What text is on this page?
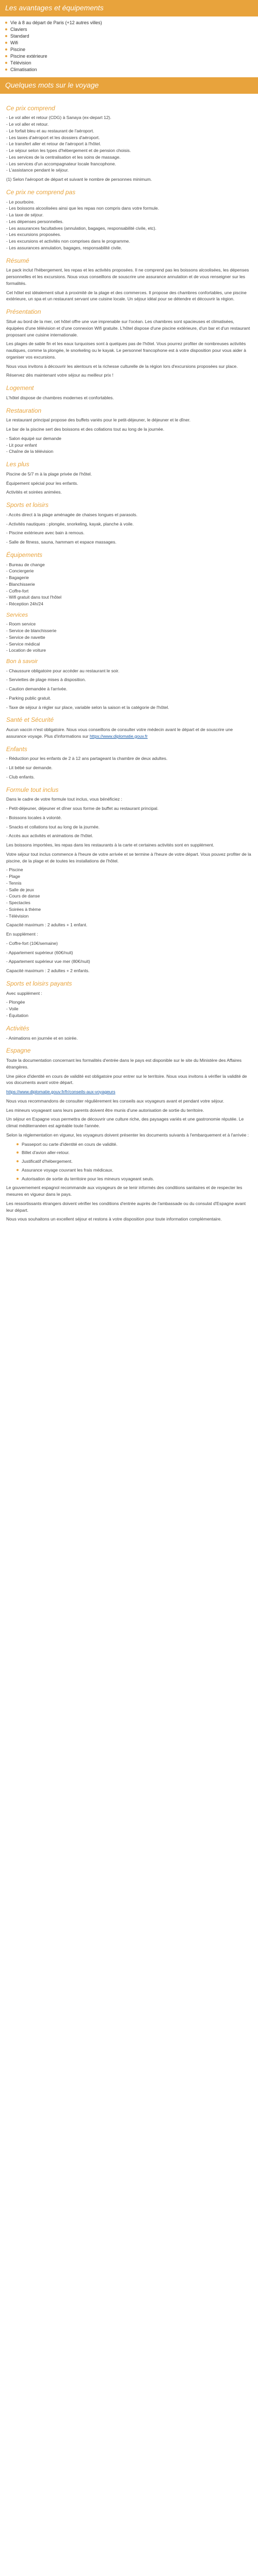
Les avantages et équipements
Vie à 8 au départ de Paris (+12 autres villes)
Claviers
Standard
Wifi
Piscine
Piscine extérieure
Télévision
Climatisation
Quelques mots sur le voyage
Ce prix comprend
- Le vol aller et retour (CDG) à Sanaya (ex-depart 12).
- Le vol aller et retour.
- Le forfait bleu et au restaurant de l'aéroport.
- Les taxes d'aéroport et les dossiers d'aéroport.
- Le transfert aller et retour de l'aéroport à l'hôtel.
- Le séjour selon les types d'hébergement et de pension choisis.
- Les services de la centralisation et les soins de massage.
- Les services d'un accompagnateur locale francophone.
- L'assistance pendant le séjour.

(1) Selon l'aéroport de départ et suivant le nombre de personnes minimum.

Ce prix ne comprend pas
- Le pourboire.
- Les boissons alcoolisées ainsi que les repas non compris dans votre formule.
- La taxe de séjour.
- Les dépenses personnelles.
- Les assurances facultatives (annulation, bagages, responsabilité civile, etc).
- Les excursions proposées.
- Les excursions et activités non comprises dans le programme.
- Les assurances annulation, bagages, responsabilité civile.
Résumé

Le pack inclut l'hébergement, les repas et les activités proposées. Il ne comprend pas les boissons alcoolisées, les dépenses personnelles et les excursions. Nous vous conseillons de souscrire une assurance annulation et de vous renseigner sur les formalités.

Cet hôtel est idéalement situé à proximité de la plage et des commerces. Il propose des chambres confortables, une piscine extérieure, un spa et un restaurant servant une cuisine locale. Un séjour idéal pour se détendre et découvrir la région.

Présentation

Situé au bord de la mer, cet hôtel offre une vue imprenable sur l'océan. Les chambres sont spacieuses et climatisées, équipées d'une télévision et d'une connexion Wifi gratuite. L'hôtel dispose d'une piscine extérieure, d'un bar et d'un restaurant proposant une cuisine internationale.

Les plages de sable fin et les eaux turquoises sont à quelques pas de l'hôtel. Vous pourrez profiter de nombreuses activités nautiques, comme la plongée, le snorkeling ou le kayak. Le personnel francophone est à votre disposition pour vous aider à organiser vos excursions.

Nous vous invitons à découvrir les alentours et la richesse culturelle de la région lors d'excursions proposées sur place.

Réservez dès maintenant votre séjour au meilleur prix !

Logement

L'hôtel dispose de chambres modernes et confortables.

Restauration

Le restaurant principal propose des buffets variés pour le petit-déjeuner, le déjeuner et le dîner.

Le bar de la piscine sert des boissons et des collations tout au long de la journée.

- Salon équipé sur demande
- Lit pour enfant
- Chaîne de la télévision
Les plus

Piscine de 5/7 m à la plage privée de l'hôtel.

Équipement spécial pour les enfants.

Activités et soirées animées.

Sports et loisirs

- Accès direct à la plage aménagée de chaises longues et parasols.

- Activités nautiques : plongée, snorkeling, kayak, planche à voile.

- Piscine extérieure avec bain à remous.

- Salle de fitness, sauna, hammam et espace massages.

Équipements
- Bureau de change
- Conciergerie
- Bagagerie
- Blanchisserie
- Coffre-fort
- Wifi gratuit dans tout l'hôtel
- Réception 24h/24
Services
- Room service
- Service de blanchisserie
- Service de navette
- Service médical
- Location de voiture
Bon à savoir

- Chaussure obligatoire pour accéder au restaurant le soir.

- Serviettes de plage mises à disposition.

- Caution demandée à l'arrivée.

- Parking public gratuit.

- Taxe de séjour à régler sur place, variable selon la saison et la catégorie de l'hôtel.

Santé et Sécurité

Aucun vaccin n'est obligatoire. Nous vous conseillons de consulter votre médecin avant le départ et de souscrire une assurance voyage. Plus d'informations sur https://www.diplomatie.gouv.fr

Enfants

- Réduction pour les enfants de 2 à 12 ans partageant la chambre de deux adultes.

- Lit bébé sur demande.

- Club enfants.

Formule tout inclus

Dans le cadre de votre formule tout inclus, vous bénéficiez :

- Petit-déjeuner, déjeuner et dîner sous forme de buffet au restaurant principal.

- Boissons locales à volonté.

- Snacks et collations tout au long de la journée.

- Accès aux activités et animations de l'hôtel.

Les boissons importées, les repas dans les restaurants à la carte et certaines activités sont en supplément.

Votre séjour tout inclus commence à l'heure de votre arrivée et se termine à l'heure de votre départ. Vous pouvez profiter de la piscine, de la plage et de toutes les installations de l'hôtel.

- Piscine
- Plage
- Tennis
- Salle de jeux
- Cours de danse
- Spectacles
- Soirées à thème
- Télévision

Capacité maximum : 2 adultes + 1 enfant.

En supplément :

- Coffre-fort (10€/semaine)

- Appartement supérieur (60€/nuit)

- Appartement supérieur vue mer (80€/nuit)

Capacité maximum : 2 adultes + 2 enfants.

Sports et loisirs payants

Avec supplément :

- Plongée
- Voile
- Équitation
Activités

- Animations en journée et en soirée.

Espagne

Toute la documentation concernant les formalités d'entrée dans le pays est disponible sur le site du Ministère des Affaires étrangères.

Une pièce d'identité en cours de validité est obligatoire pour entrer sur le territoire. Nous vous invitons à vérifier la validité de vos documents avant votre départ.

https://www.diplomatie.gouv.fr/fr/conseils-aux-voyageurs

Nous vous recommandons de consulter régulièrement les conseils aux voyageurs avant et pendant votre séjour.

Les mineurs voyageant sans leurs parents doivent être munis d'une autorisation de sortie du territoire.

Un séjour en Espagne vous permettra de découvrir une culture riche, des paysages variés et une gastronomie réputée. Le climat méditerranéen est agréable toute l'année.

Selon la réglementation en vigueur, les voyageurs doivent présenter les documents suivants à l'embarquement et à l'arrivée :

Passeport ou carte d'identité en cours de validité.
Billet d'avion aller-retour.
Justificatif d'hébergement.
Assurance voyage couvrant les frais médicaux.
Autorisation de sortie du territoire pour les mineurs voyageant seuls.

Le gouvernement espagnol recommande aux voyageurs de se tenir informés des conditions sanitaires et de respecter les mesures en vigueur dans le pays.

Les ressortissants étrangers doivent vérifier les conditions d'entrée auprès de l'ambassade ou du consulat d'Espagne avant leur départ.

Nous vous souhaitons un excellent séjour et restons à votre disposition pour toute information complémentaire.
